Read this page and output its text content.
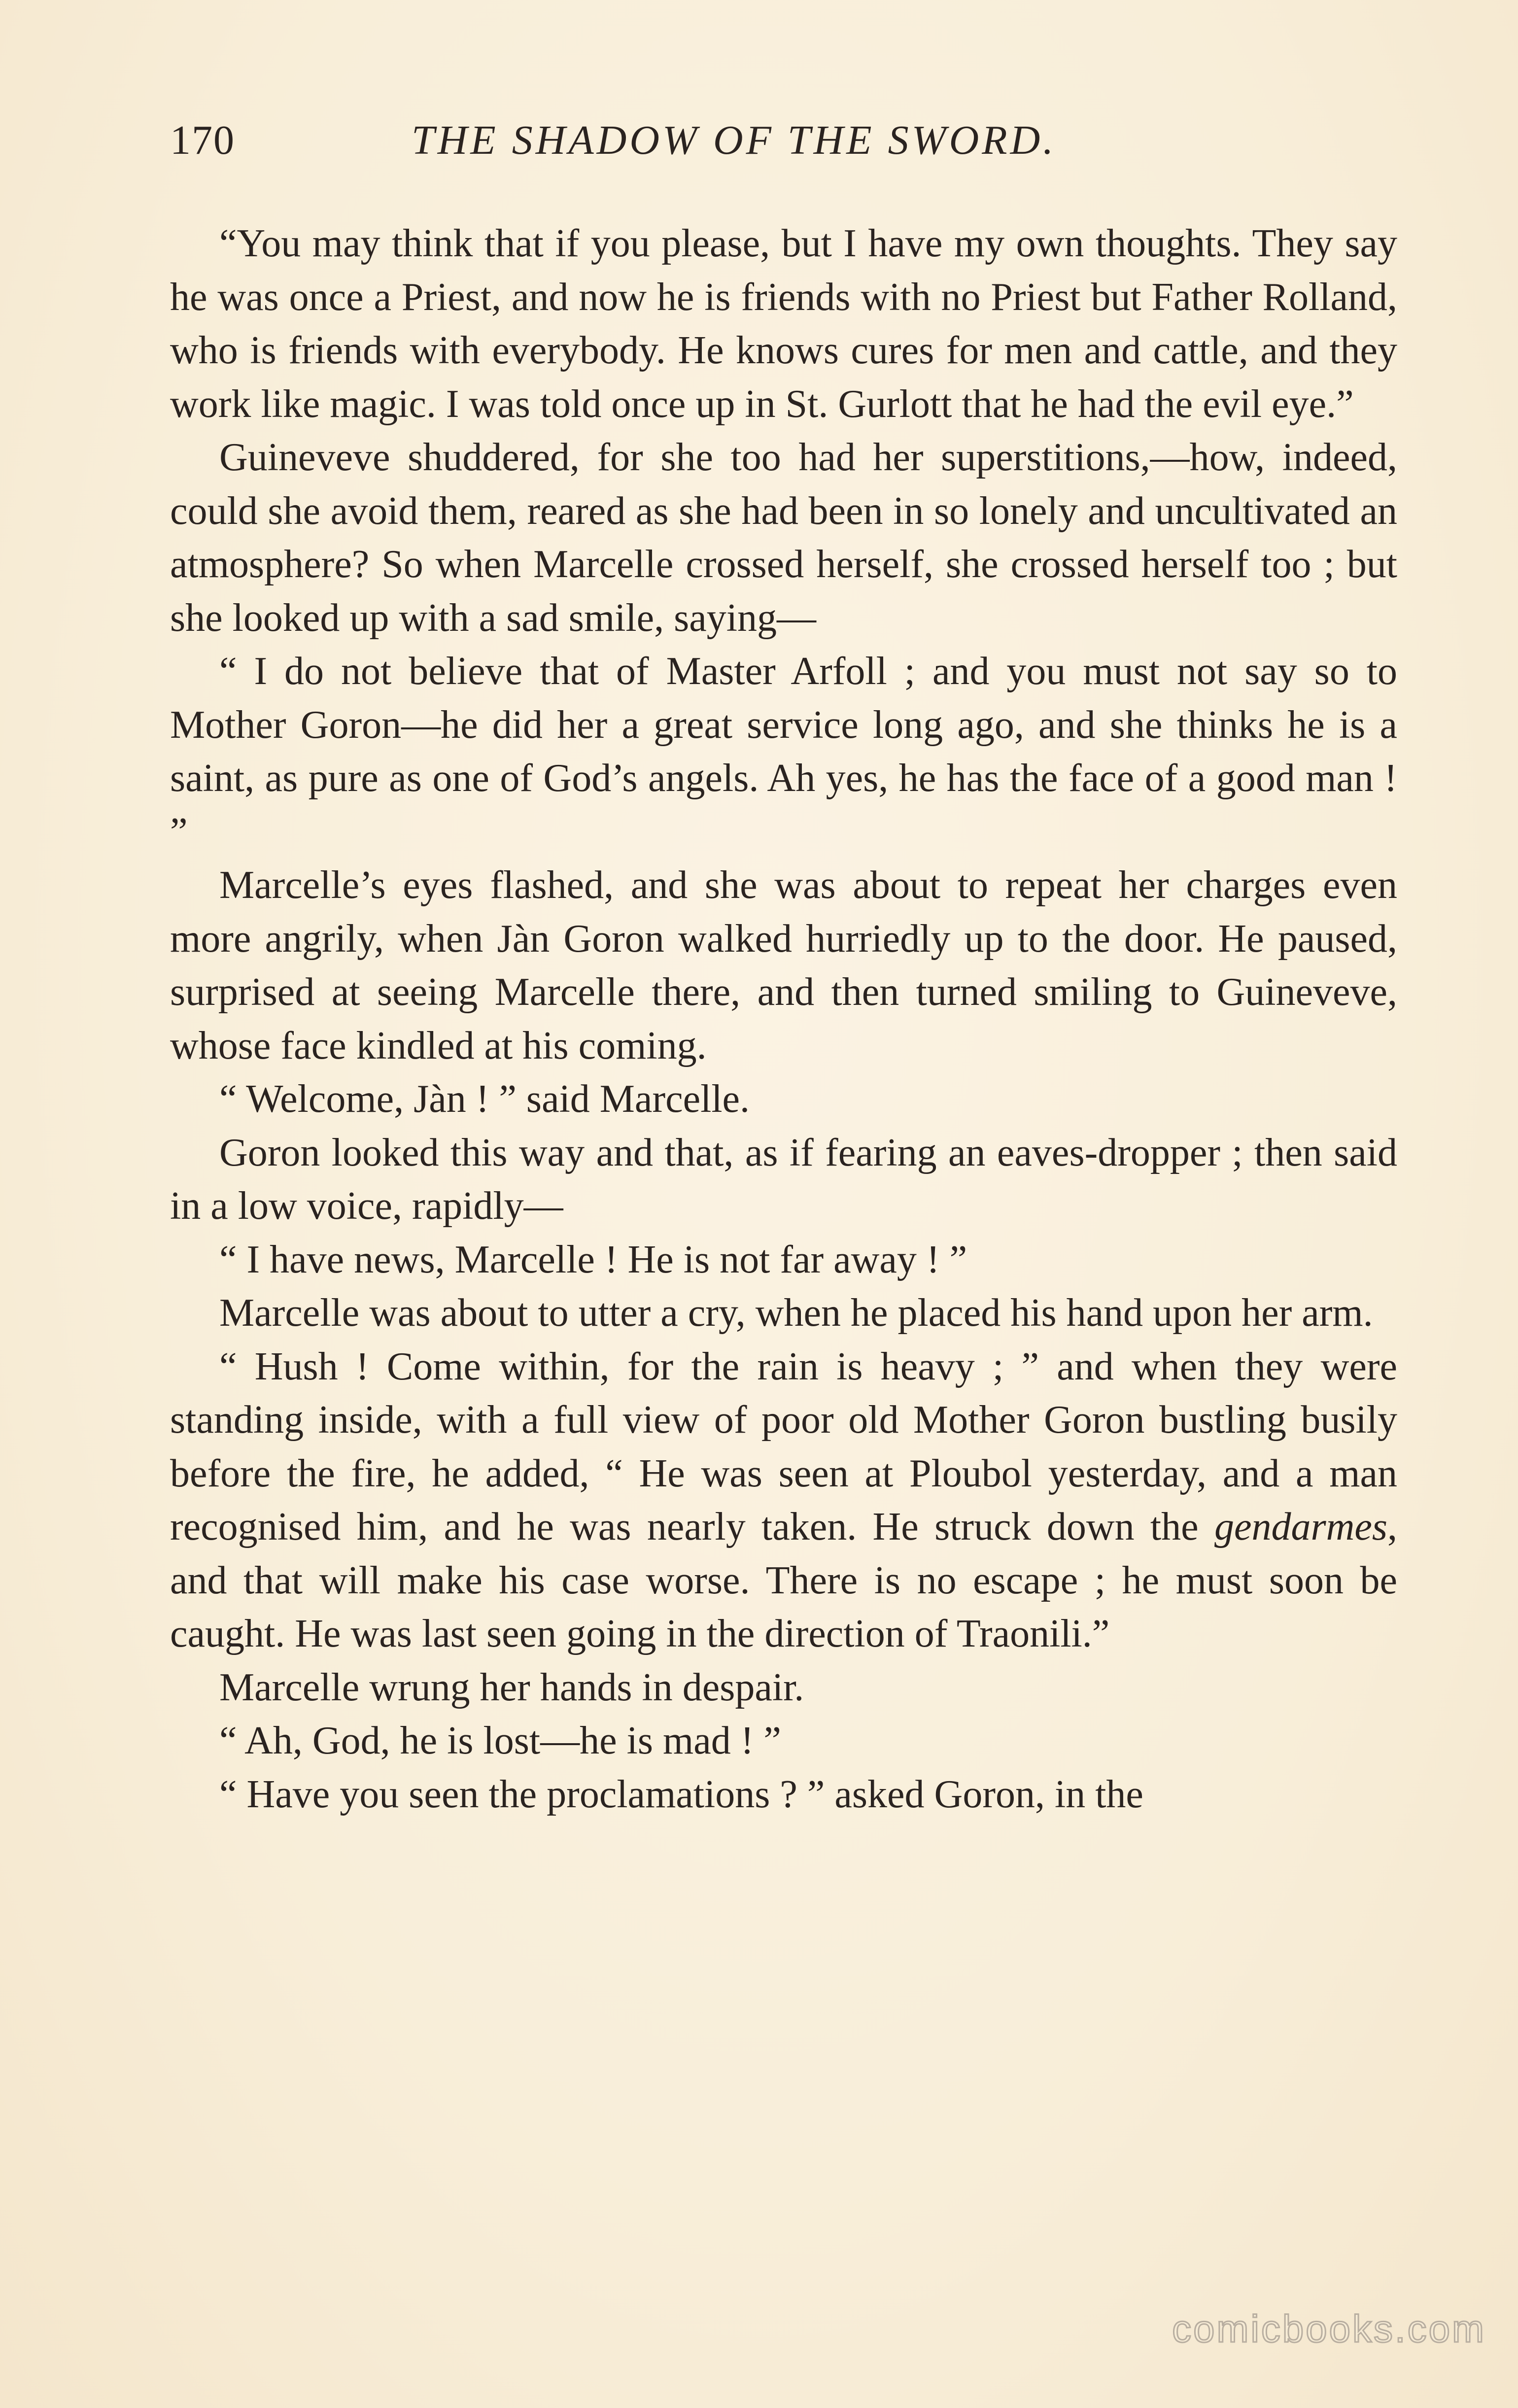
170	THE SHADOW OF THE SWORD.

“You may think that if you please, but I have my own thoughts. They say he was once a Priest, and now he is friends with no Priest but Father Rolland, who is friends with everybody. He knows cures for men and cattle, and they work like magic. I was told once up in St. Gurlott that he had the evil eye.”

Guineveve shuddered, for she too had her superstitions,—how, indeed, could she avoid them, reared as she had been in so lonely and uncultivated an atmosphere? So when Marcelle crossed herself, she crossed herself too ; but she looked up with a sad smile, saying—

“ I do not believe that of Master Arfoll ; and you must not say so to Mother Goron—he did her a great service long ago, and she thinks he is a saint, as pure as one of God’s angels. Ah yes, he has the face of a good man ! ”

Marcelle’s eyes flashed, and she was about to repeat her charges even more angrily, when Jàn Goron walked hurriedly up to the door. He paused, surprised at seeing Marcelle there, and then turned smiling to Guineveve, whose face kindled at his coming.

“ Welcome, Jàn ! ” said Marcelle.

Goron looked this way and that, as if fearing an eaves-dropper ; then said in a low voice, rapidly—

“ I have news, Marcelle ! He is not far away ! ”

Marcelle was about to utter a cry, when he placed his hand upon her arm.

“ Hush ! Come within, for the rain is heavy ; ” and when they were standing inside, with a full view of poor old Mother Goron bustling busily before the fire, he added, “ He was seen at Ploubol yesterday, and a man recognised him, and he was nearly taken. He struck down the gendarmes, and that will make his case worse. There is no escape ; he must soon be caught. He was last seen going in the direction of Traonili.”

Marcelle wrung her hands in despair.

“ Ah, God, he is lost—he is mad ! ”

“ Have you seen the proclamations ? ” asked Goron, in the

comicbooks.com
